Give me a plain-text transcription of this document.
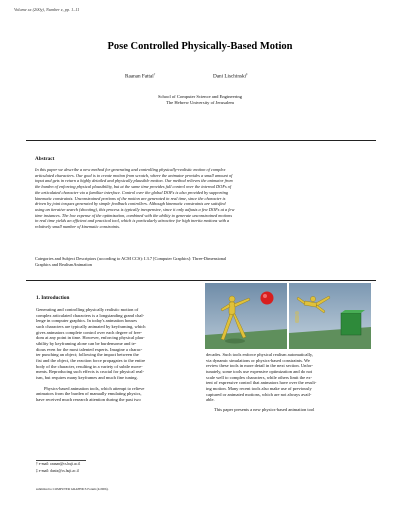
Volume xx (200y), Number z, pp. 1–11
Pose Controlled Physically-Based Motion
Raanan Fattal†	Dani Lischinski‡
School of Computer Science and Engineering
The Hebrew University of Jerusalem
Abstract
In this paper we describe a new method for generating and controlling physically-realistic motion of complex
articulated characters. Our goal is to create motion from scratch, where the animator provides a small amount of
input and gets in return a highly detailed and physically plausible motion. Our method relieves the animator from
the burden of enforcing physical plausibility, but at the same time provides full control over the internal DOFs of
the articulated character via a familiar interface. Control over the global DOFs is also provided by supporting
kinematic constraints. Unconstrained portions of the motion are generated in real time, since the character is
driven by joint torques generated by simple feedback controllers. Although kinematic constraints are satisfied
using an iterative search (shooting), this process is typically inexpensive, since it only adjusts a few DOFs at a few
time instances. The low expense of the optimization, combined with the ability to generate unconstrained motions
in real time yields an efficient and practical tool, which is particularly attractive for high inertia motions with a
relatively small number of kinematic constraints.
Categories and Subject Descriptors (according to ACM CCS): I.3.7 [Computer Graphics]: Three-Dimensional
Graphics and RealismAnimation
1. Introduction
Generating and controlling physically realistic motion of
complex articulated characters is a longstanding grand chal-
lenge in computer graphics. In today's animation houses
such characters are typically animated by keyframing, which
gives animators complete control over each degree of free-
dom at any point in time. However, enforcing physical plau-
sibility by keyframing alone can be burdensome and te-
dious even for the most talented experts. Imagine a charac-
ter punching an object; following the impact between the
fist and the object, the reaction force propagates to the entire
body of the character, resulting in a variety of subtle move-
ments. Reproducing such effects is crucial for physical real-
ism, but requires many keyframes and much fine tuning.
Physics-based animation tools, which attempt to relieve
animators from the burden of manually emulating physics,
have received much research attention during the past two
† e-mail: raanan@cs.huji.ac.il
‡ e-mail: danix@cs.huji.ac.il
submitted to COMPUTER GRAPHICS Forum (4/2006).
decades. Such tools enforce physical realism automatically,
via dynamic simulations or physics-based constraints. We
review these tools in more detail in the next section. Unfor-
tunately, some tools use expensive optimization and do not
scale well to complex characters, while others limit the ex-
tent of expressive control that animators have over the result-
ing motion. Many recent tools also make use of previously
captured or animated motions, which are not always avail-
able.
This paper presents a new physics-based animation tool
